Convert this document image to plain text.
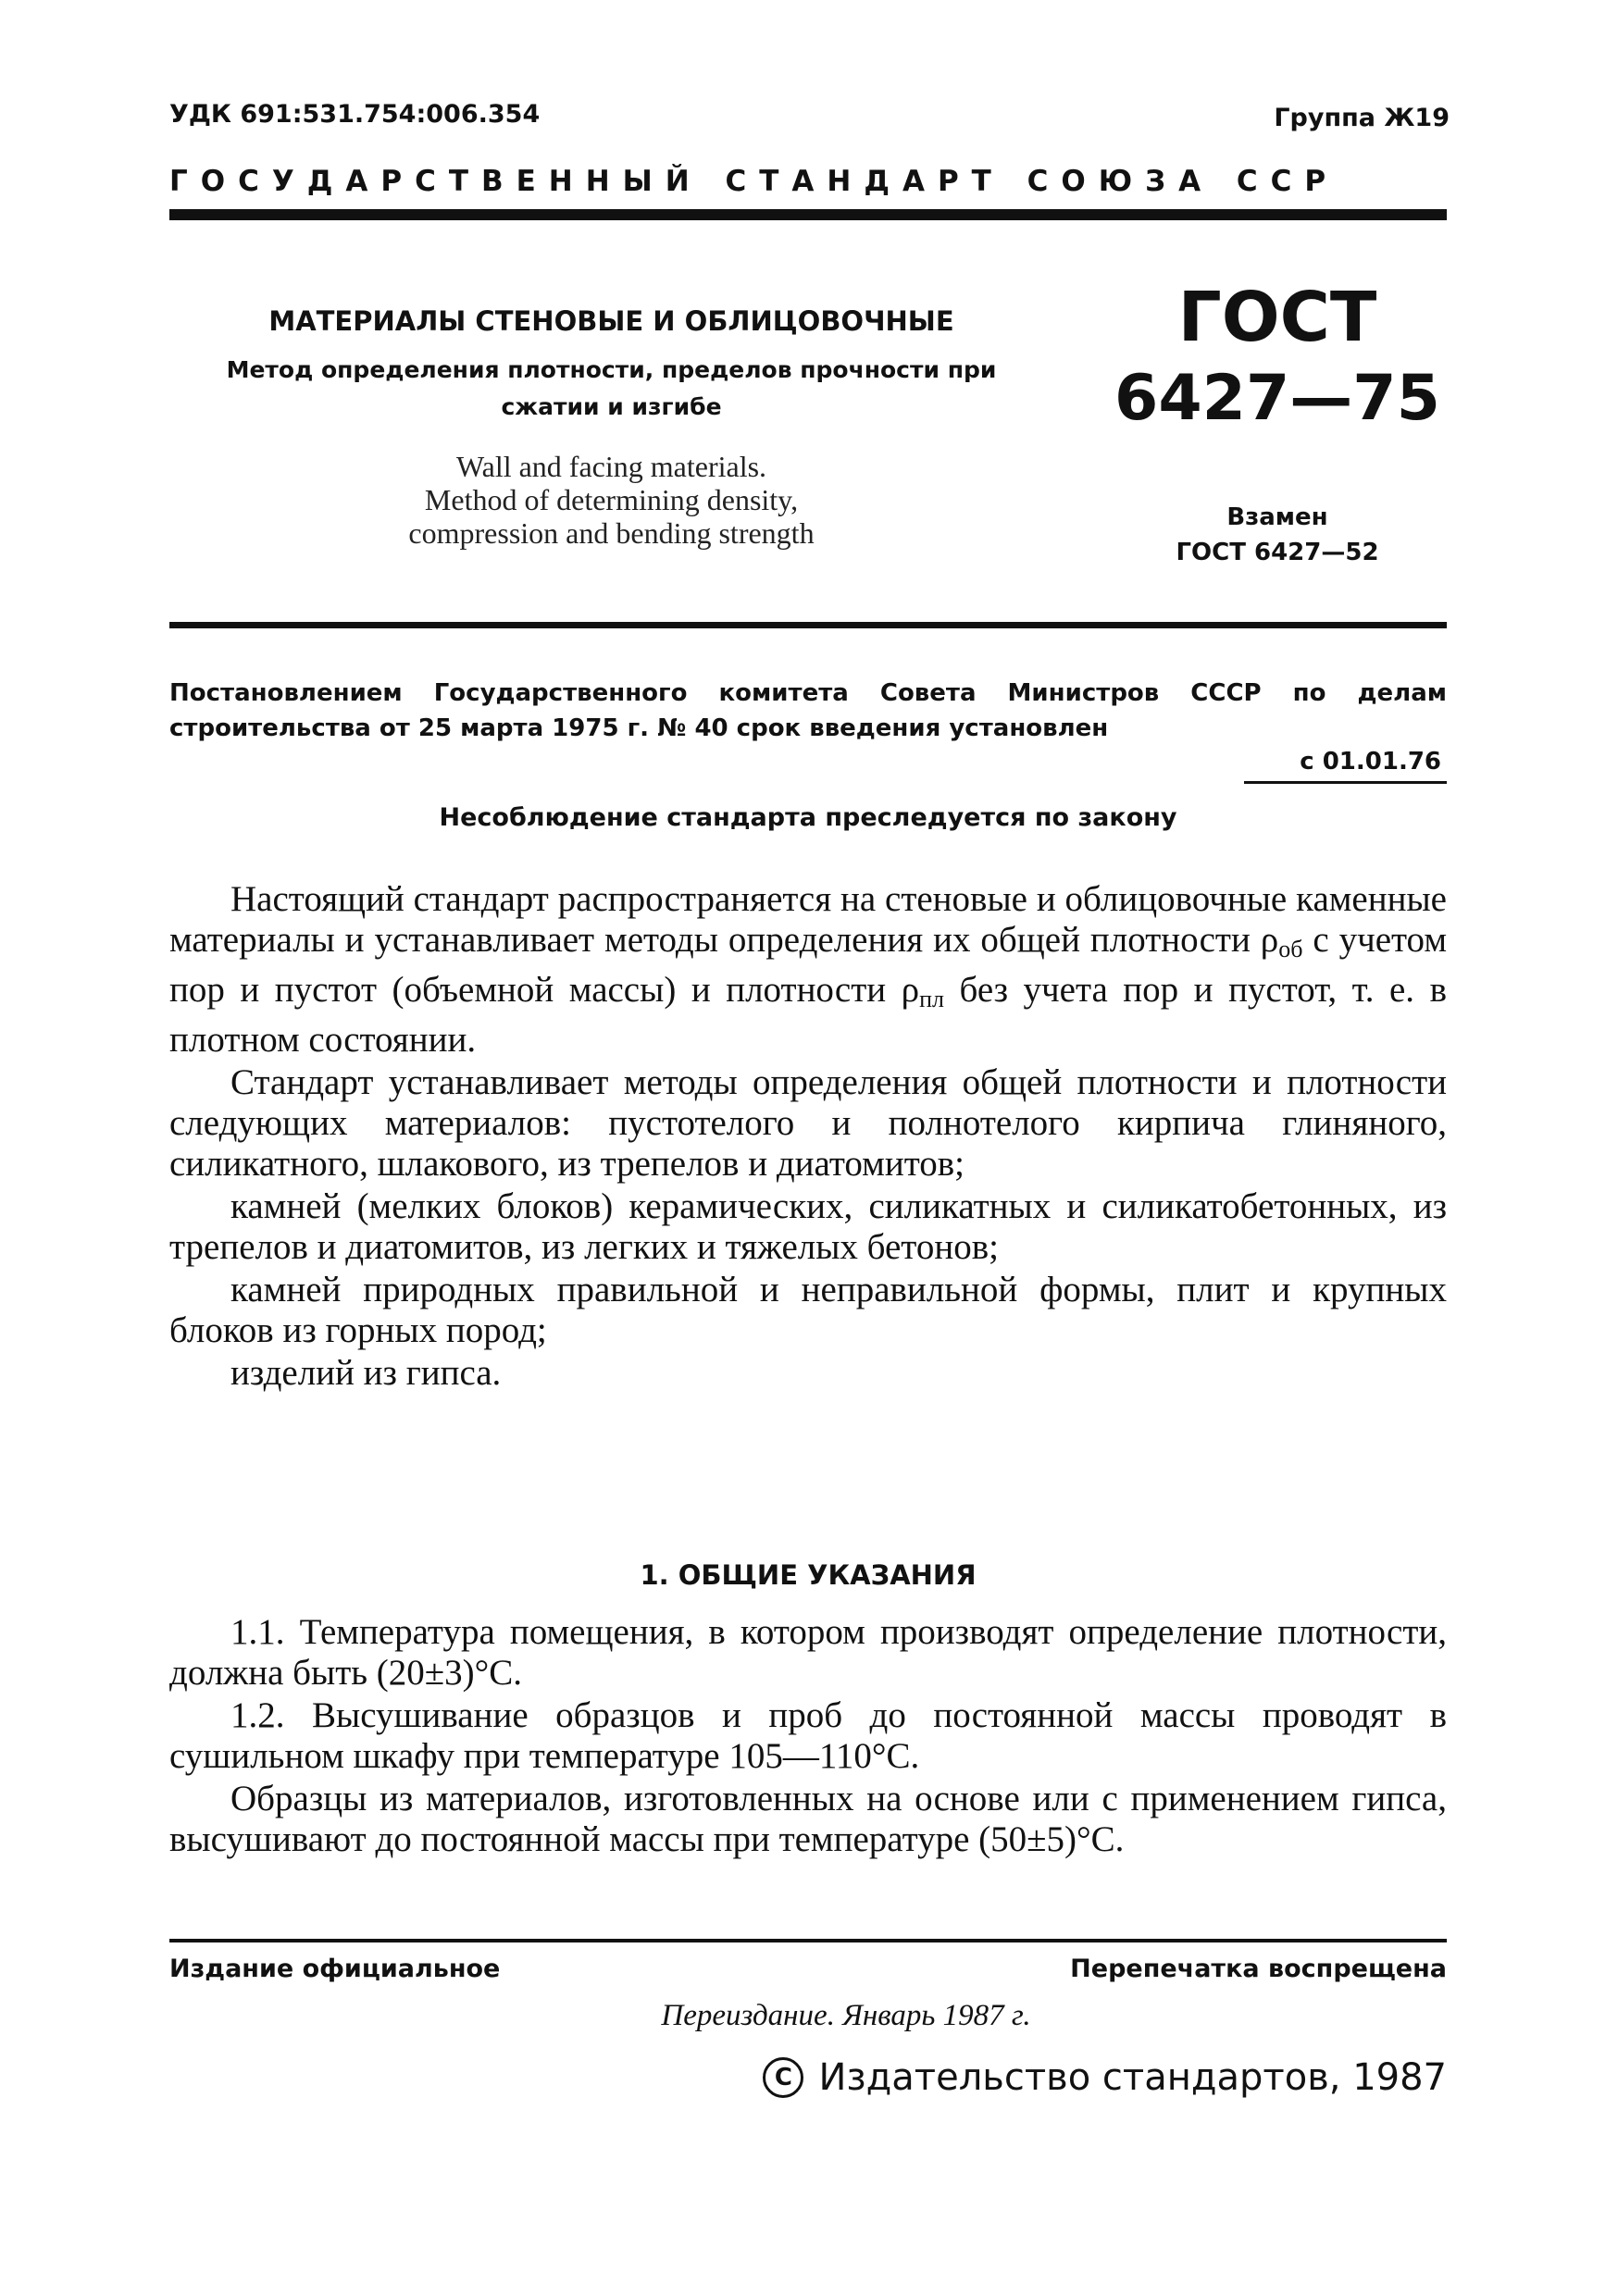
УДК 691:531.754:006.354	Группа Ж19
ГОСУДАРСТВЕННЫЙ СТАНДАРТ СОЮЗА ССР
МАТЕРИАЛЫ СТЕНОВЫЕ И ОБЛИЦОВОЧНЫЕ
Метод определения плотности, пределов прочности при сжатии и изгибе
Wall and facing materials.
Method of determining density,
compression and bending strength
ГОСТ
6427—75
Взамен
ГОСТ 6427—52
Постановлением Государственного комитета Совета Министров СССР по делам строительства от 25 марта 1975 г. № 40 срок введения установлен
с 01.01.76
Несоблюдение стандарта преследуется по закону

Настоящий стандарт распространяется на стеновые и облицовочные каменные материалы и устанавливает методы определения их общей плотности $\rho_{об}$ с учетом пор и пустот (объемной массы) и плотности $\rho_{пл}$ без учета пор и пустот, т. е. в плотном состоянии.

Стандарт устанавливает методы определения общей плотности и плотности следующих материалов: пустотелого и полнотелого кирпича глиняного, силикатного, шлакового, из трепелов и диатомитов;

камней (мелких блоков) керамических, силикатных и силикатобетонных, из трепелов и диатомитов, из легких и тяжелых бетонов;

камней природных правильной и неправильной формы, плит и крупных блоков из горных пород;

изделий из гипса.

1. ОБЩИЕ УКАЗАНИЯ

1.1. Температура помещения, в котором производят определение плотности, должна быть (20±3)°С.

1.2. Высушивание образцов и проб до постоянной массы проводят в сушильном шкафу при температуре 105—110°С.

Образцы из материалов, изготовленных на основе или с применением гипса, высушивают до постоянной массы при температуре (50±5)°С.

Издание официальное	Перепечатка воспрещена
Переиздание. Январь 1987 г.
C Издательство стандартов, 1987
